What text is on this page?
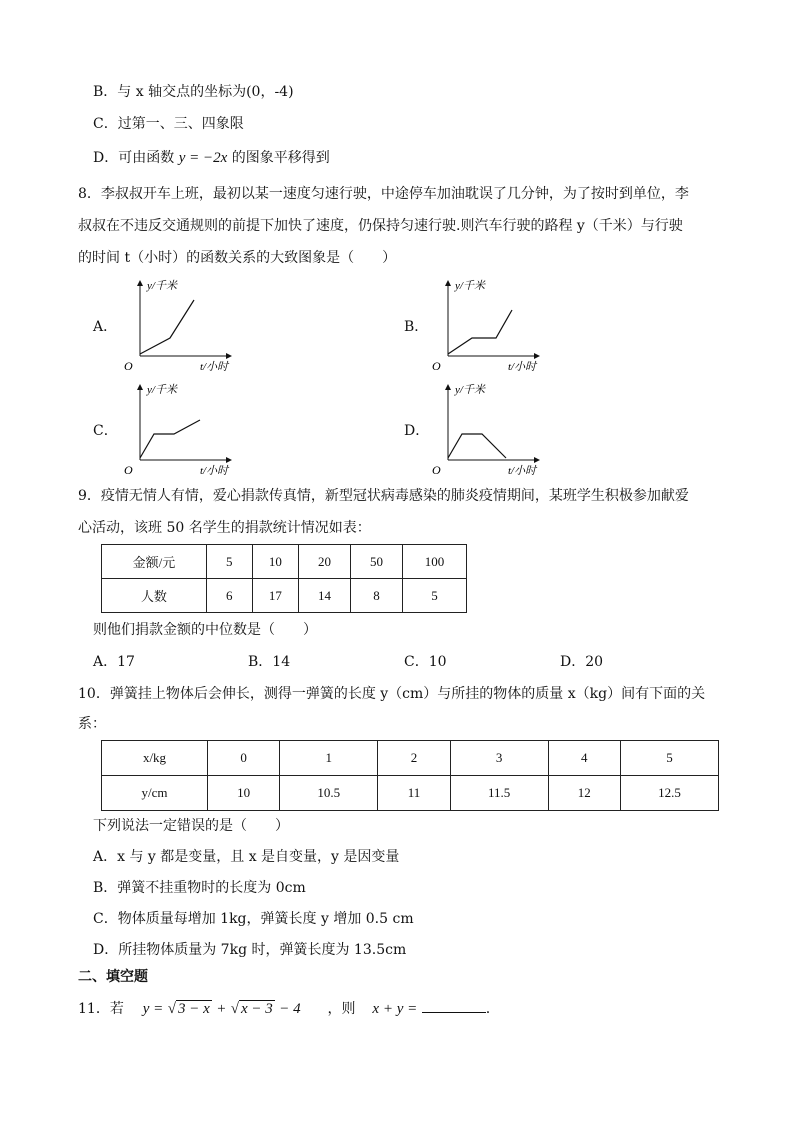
B．与 x 轴交点的坐标为(0，-4)
C．过第一、三、四象限
D．可由函数 y = −2x 的图象平移得到
8．李叔叔开车上班，最初以某一速度匀速行驶，中途停车加油耽误了几分钟，为了按时到单位，李
叔叔在不违反交通规则的前提下加快了速度，仍保持匀速行驶.则汽车行驶的路程 y（千米）与行驶
的时间 t（小时）的函数关系的大致图象是（　　）
A．	B．
C．	D．
y/千米
t/小时
O
y/千米
t/小时
O
y/千米
t/小时
O
y/千米
t/小时
O
9．疫情无情人有情，爱心捐款传真情，新型冠状病毒感染的肺炎疫情期间，某班学生积极参加献爱
心活动，该班 50 名学生的捐款统计情况如表：
金额/元	5	10	20	50	100
人数	6	17	14	8	5
则他们捐款金额的中位数是（　　）
A．17	B．14	C．10	D．20
10．弹簧挂上物体后会伸长，测得一弹簧的长度 y（cm）与所挂的物体的质量 x（kg）间有下面的关
系：
x/kg	0	1	2	3	4	5
y/cm	10	10.5	11	11.5	12	12.5
下列说法一定错误的是（　　）
A．x 与 y 都是变量，且 x 是自变量，y 是因变量
B．弹簧不挂重物时的长度为 0cm
C．物体质量每增加 1kg，弹簧长度 y 增加 0.5 cm
D．所挂物体质量为 7kg 时，弹簧长度为 13.5cm
二、填空题
11．若 y = √ 3 − x + √ x − 3 − 4 ，则 x + y =	.
